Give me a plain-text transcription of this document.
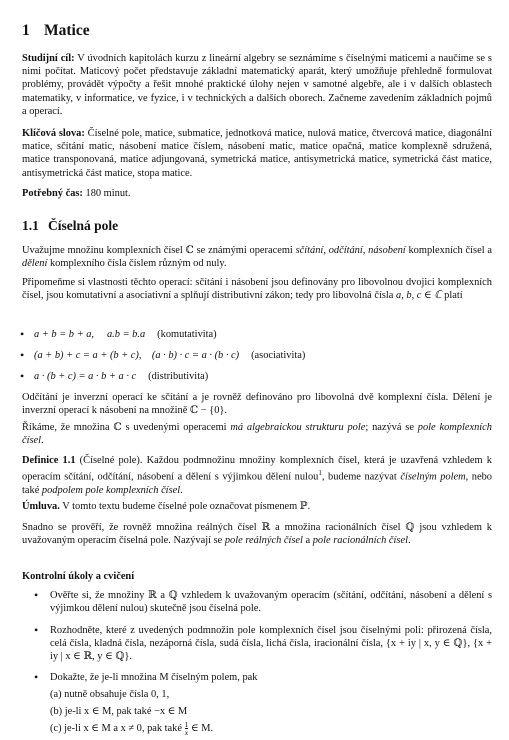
1 Matice
Studijní cíl: V úvodních kapitolách kurzu z lineární algebry se seznámíme s číselnými maticemi a naučíme se s nimi počítat. Maticový počet představuje základní matematický aparát, který umožňuje přehledně formulovat problémy, provádět výpočty a řešit mnohé praktické úlohy nejen v samotné algebře, ale i v dalších oblastech matematiky, v informatice, ve fyzice, i v technických a dalších oborech. Začneme zavedením základních pojmů a operací.
Klíčová slova: Číselné pole, matice, submatice, jednotková matice, nulová matice, čtvercová matice, diagonální matice, sčítání matic, násobení matice číslem, násobení matic, matice opačná, matice komplexně sdružená, matice transponovaná, matice adjungovaná, symetrická matice, antisymetrická matice, symetrická část matice, antisymetrická část matice, stopa matice.
Potřebný čas: 180 minut.
1.1 Číselná pole
Uvažujme množinu komplexních čísel ℂ se známými operacemi sčítání, odčítání, násobení komplexních čísel a dělení komplexního čísla číslem různým od nuly.
Připomeňme si vlastnosti těchto operací: sčítání i násobení jsou definovány pro libovolnou dvojici komplexních čísel, jsou komutativní a asociativní a splňují distributivní zákon; tedy pro libovolná čísla a, b, c ∈ ℂ platí
• a + b = b + a,     a.b = b.a (komutativita)
• (a + b) + c = a + (b + c),    (a · b) · c = a · (b · c) (asociativita)
• a · (b + c) = a · b + a · c (distributivita)
Odčítání je inverzní operací ke sčítání a je rovněž definováno pro libovolná dvě komplexní čísla. Dělení je inverzní operací k násobení na množině ℂ − {0}.
Říkáme, že množina ℂ s uvedenými operacemi má algebraickou strukturu pole; nazývá se pole komplexních čísel.
Definice 1.1 (Číselné pole). Každou podmnožinu množiny komplexních čísel, která je uzavřená vzhledem k operacím sčítání, odčítání, násobení a dělení s výjimkou dělení nulou$^1$, budeme nazývat číselným polem, nebo také podpolem pole komplexních čísel.
Úmluva. V tomto textu budeme číselné pole označovat písmenem ℙ.
Snadno se prověří, že rovněž množina reálných čísel ℝ a množina racionálních čísel ℚ jsou vzhledem k uvažovaným operacím číselná pole. Nazývají se pole reálných čísel a pole racionálních čísel.
Kontrolní úkoly a cvičení
• Ověřte si, že množiny ℝ a ℚ vzhledem k uvažovaným operacím (sčítání, odčítání, násobení a dělení s výjimkou dělení nulou) skutečně jsou číselná pole.
• Rozhodněte, které z uvedených podmnožin pole komplexních čísel jsou číselnými poli: přirozená čísla, celá čísla, kladná čísla, nezáporná čísla, sudá čísla, lichá čísla, iracionální čísla, {x + iy | x, y ∈ ℚ}, {x + iy | x ∈ ℝ, y ∈ ℚ}.
• Dokažte, že je-li množina M číselným polem, pak
(a) nutně obsahuje čísla 0, 1,
(b) je-li x ∈ M, pak také −x ∈ M
(c) je-li x ∈ M a x ≠ 0, pak také $\frac{1}{x}$ ∈ M.
